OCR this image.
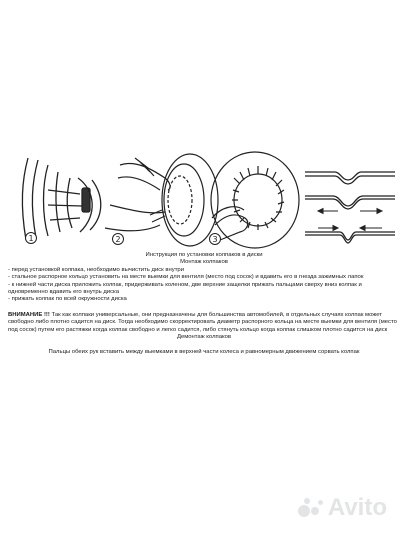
1	2	3
Инструкция по установки колпаков в диски
Монтаж колпаков
- перед установкой колпака, необходимо вычистить диск внутри
- стальное распорное кольцо установить на месте выемки для вентиля (место под сосок) и вдавить его в гнезда зажимных лапок
- к нижней части диска приложить колпак, придерживать коленом, две верхние защелки прижать пальцами сверху вниз колпак и одновременно вдавить его внутрь диска
- прижать колпак по всей окружности диска
ВНИМАНИЕ !!! Так как колпаки универсальные, они предназначены для большинства автомобилей, в отдельных случаях колпак может свободно либо плотно садится на диск. Тогда необходимо скорректировать диаметр распорного кольца на месте выемки для вентиля (место под сосок) путем его растяжки когда колпак свободно и легко садится, либо стянуть кольцо когда колпак слишком плотно садится на диск
Демонтаж колпаков
Пальцы обеих рук вставить между выемками в верхней части колеса и равномерным движением сорвать колпак
Avito
